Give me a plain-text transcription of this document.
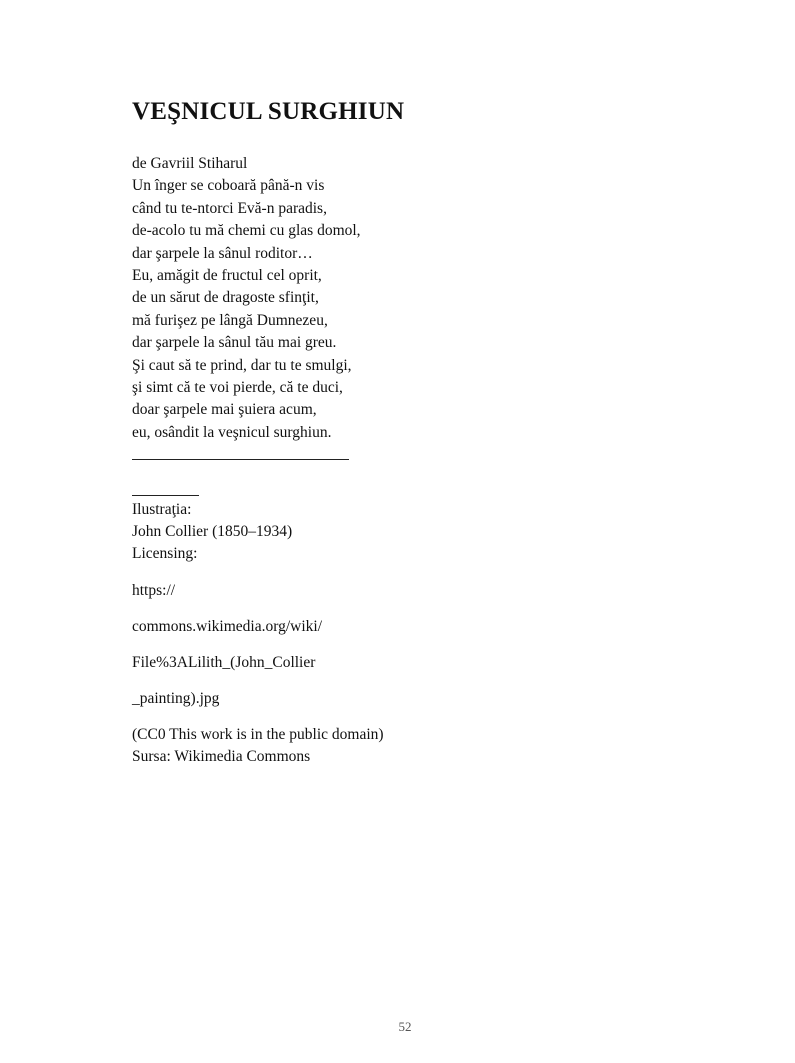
VEŞNICUL SURGHIUN
de Gavriil Stiharul
Un înger se coboară până-n vis
când tu te-ntorci Evă-n paradis,
de-acolo tu mă chemi cu glas domol,
dar şarpele la sânul roditor…
Eu, amăgit de fructul cel oprit,
de un sărut de dragoste sfinţit,
mă furişez pe lângă Dumnezeu,
dar şarpele la sânul tău mai greu.
Şi caut să te prind, dar tu te smulgi,
şi simt că te voi pierde, că te duci,
doar şarpele mai şuiera acum,
eu, osândit la veşnicul surghiun.
Ilustraţia:
John Collier (1850–1934)
Licensing:
https://
commons.wikimedia.org/wiki/
File%3ALilith_(John_Collier
_painting).jpg
(CC0 This work is in the public domain)
Sursa: Wikimedia Commons
52
